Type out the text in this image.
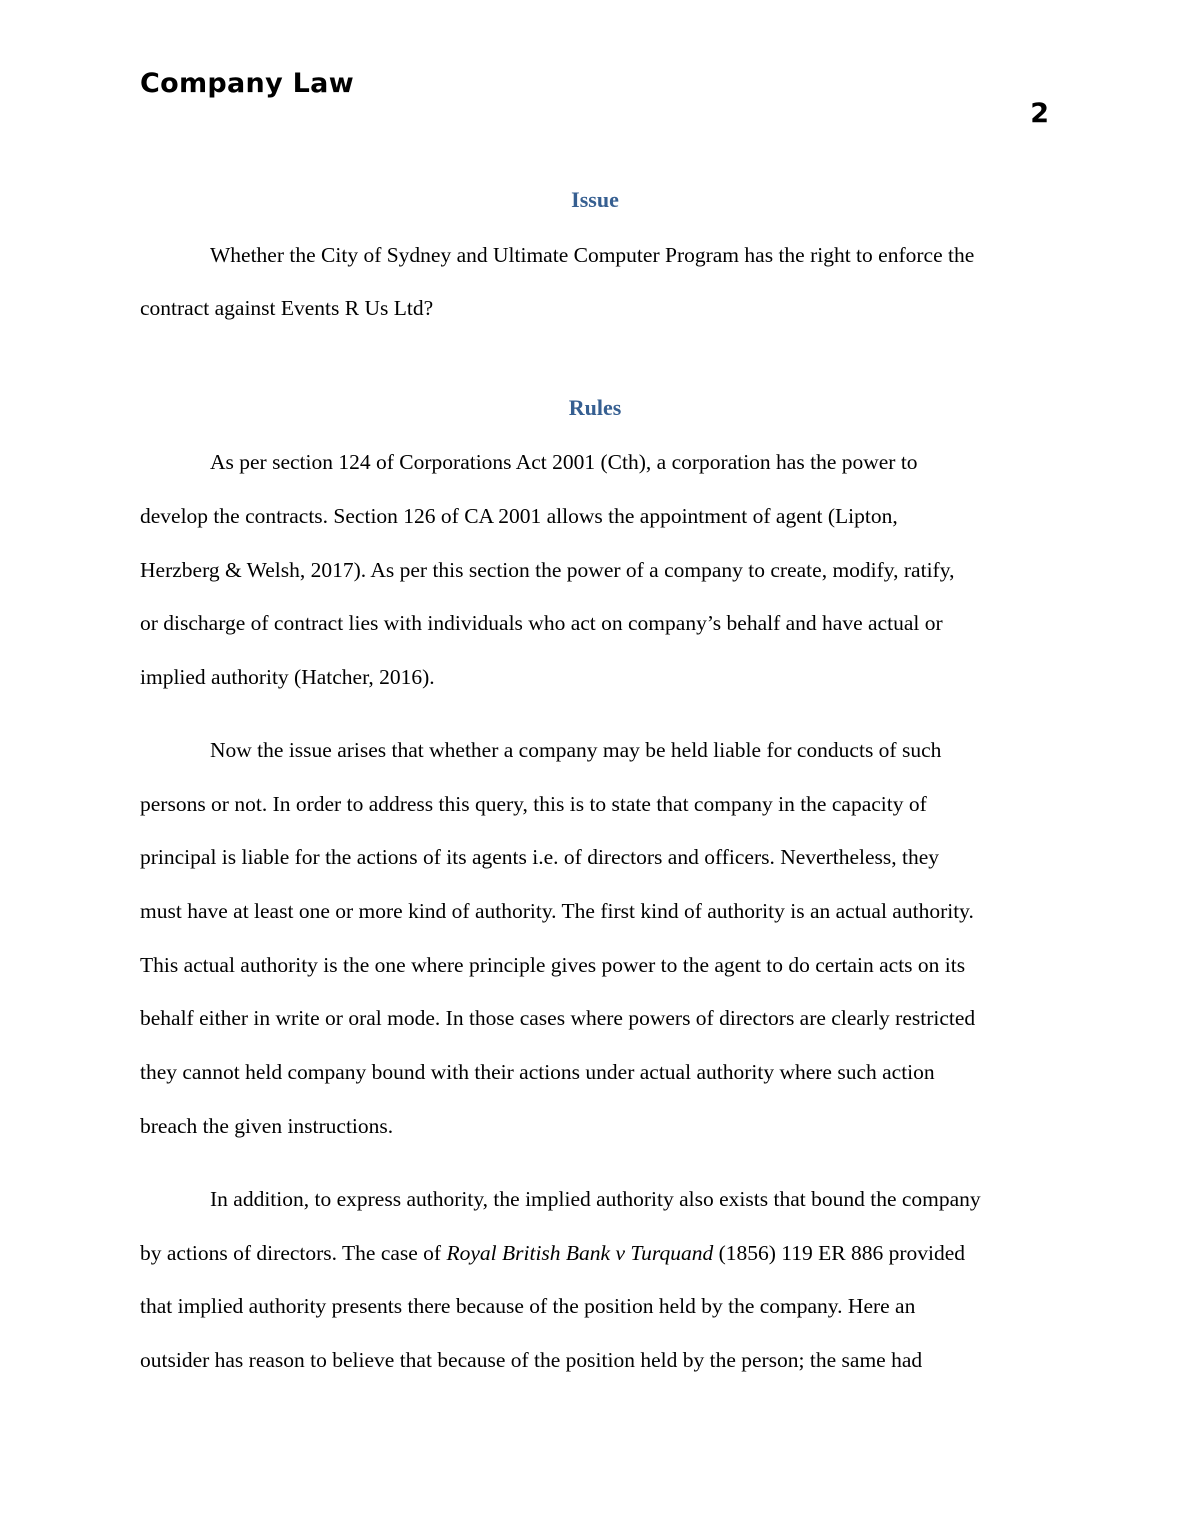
Company Law
2
Issue
Whether the City of Sydney and Ultimate Computer Program has the right to enforce the
contract against Events R Us Ltd?
Rules
As per section 124 of Corporations Act 2001 (Cth), a corporation has the power to
develop the contracts. Section 126 of CA 2001 allows the appointment of agent (Lipton,
Herzberg & Welsh, 2017). As per this section the power of a company to create, modify, ratify,
or discharge of contract lies with individuals who act on company’s behalf and have actual or
implied authority (Hatcher, 2016).
Now the issue arises that whether a company may be held liable for conducts of such
persons or not. In order to address this query, this is to state that company in the capacity of
principal is liable for the actions of its agents i.e. of directors and officers. Nevertheless, they
must have at least one or more kind of authority. The first kind of authority is an actual authority.
This actual authority is the one where principle gives power to the agent to do certain acts on its
behalf either in write or oral mode. In those cases where powers of directors are clearly restricted
they cannot held company bound with their actions under actual authority where such action
breach the given instructions.
In addition, to express authority, the implied authority also exists that bound the company
by actions of directors. The case of Royal British Bank v Turquand (1856) 119 ER 886 provided
that implied authority presents there because of the position held by the company. Here an
outsider has reason to believe that because of the position held by the person; the same had
